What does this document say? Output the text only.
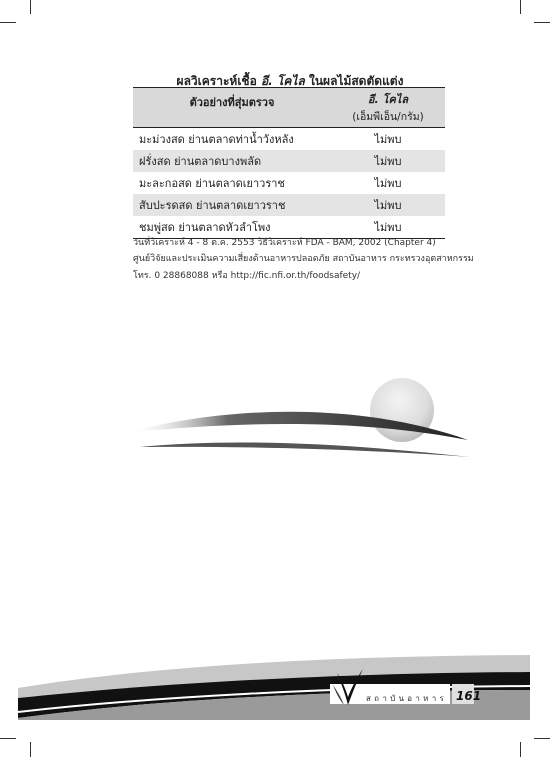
ผลวิเคราะห์เชื้อ อี. โคไล ในผลไม้สดตัดแต่ง
ตัวอย่างที่สุ่มตรวจ	อี. โคไล
(เอ็มพีเอ็น/กรัม)

มะม่วงสด ย่านตลาดท่าน้ำวังหลัง	ไม่พบ
ฝรั่งสด ย่านตลาดบางพลัด	ไม่พบ
มะละกอสด ย่านตลาดเยาวราช	ไม่พบ
สับปะรดสด ย่านตลาดเยาวราช	ไม่พบ
ชมพู่สด ย่านตลาดหัวลำโพง	ไม่พบ
วันที่วิเคราะห์ 4 - 8 ต.ค. 2553 วิธีวิเคราะห์ FDA - BAM, 2002 (Chapter 4)
ศูนย์วิจัยและประเมินความเสี่ยงด้านอาหารปลอดภัย สถาบันอาหาร กระทรวงอุตสาหกรรม
โทร. 0 28868088 หรือ http://fic.nfi.or.th/foodsafety/
สถาบันอาหาร 161
